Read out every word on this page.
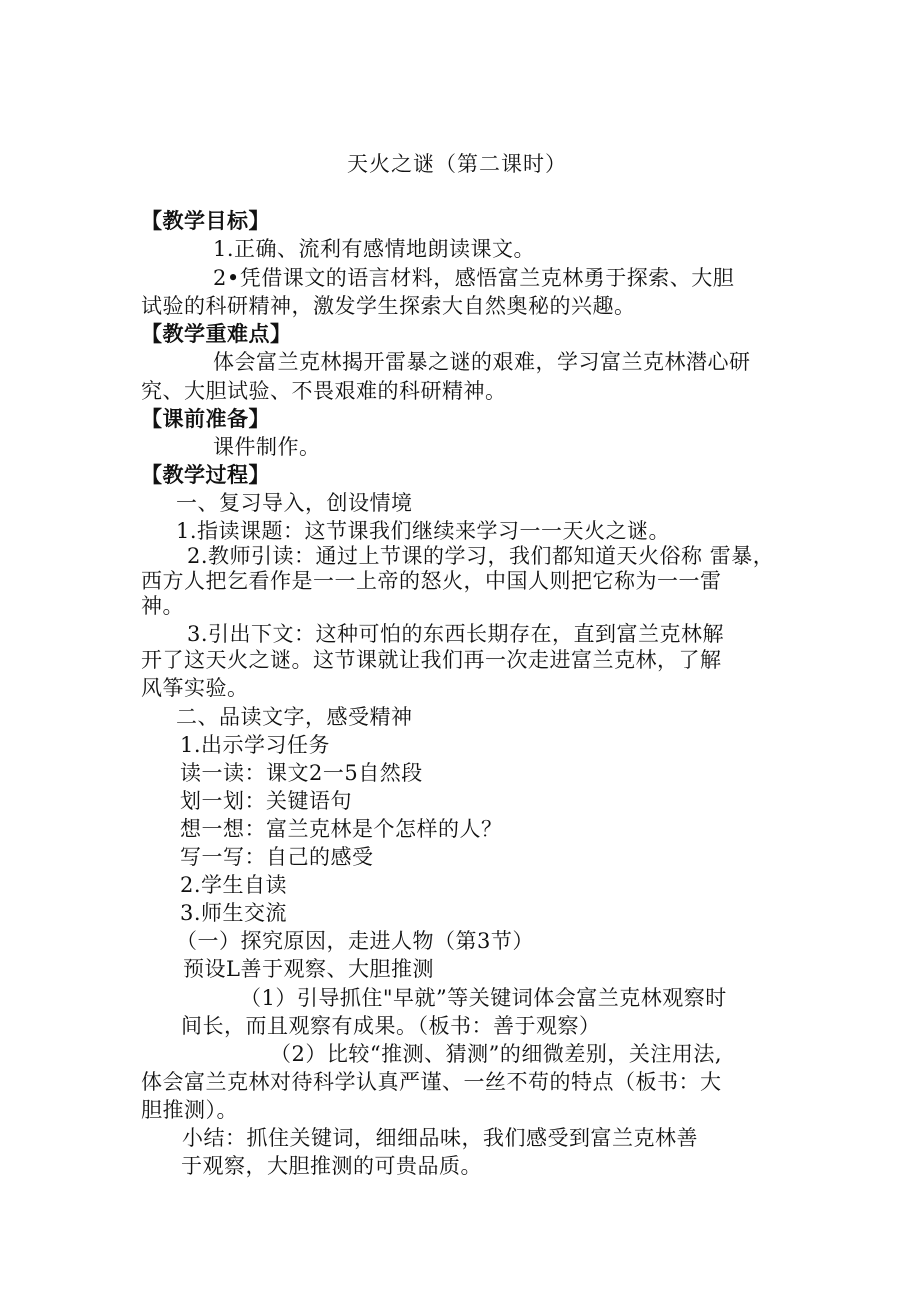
天火之谜（第二课时）
【教学目标】
1.正确、流利有感情地朗读课文。
2•凭借课文的语言材料，感悟富兰克林勇于探索、大胆
试验的科研精神，激发学生探索大自然奥秘的兴趣。
【教学重难点】
体会富兰克林揭开雷暴之谜的艰难，学习富兰克林潜心研
究、大胆试验、不畏艰难的科研精神。
【课前准备】
课件制作。
【教学过程】
一、复习导入，创设情境
1.指读课题：这节课我们继续来学习一一天火之谜。
2.教师引读：通过上节课的学习，我们都知道天火俗称 雷暴，
西方人把乞看作是一一上帝的怒火，中国人则把它称为一一雷
神。
3.引出下文：这种可怕的东西长期存在，直到富兰克林解
开了这天火之谜。这节课就让我们再一次走进富兰克林，了解
风筝实验。
二、品读文字，感受精神
1.出示学习任务
读一读：课文2一5自然段
划一划：关键语句
想一想：富兰克林是个怎样的人？
写一写：自己的感受
2.学生自读
3.师生交流
（一）探究原因，走进人物（第3节）
预设L善于观察、大胆推测
（1）引导抓住"早就”等关键词体会富兰克林观察时
间长，而且观察有成果。（板书：善于观察）
（2）比较“推测、猜测”的细微差别，关注用法,
体会富兰克林对待科学认真严谨、一丝不苟的特点（板书：大
胆推测）。
小结：抓住关键词，细细品味，我们感受到富兰克林善
于观察，大胆推测的可贵品质。
